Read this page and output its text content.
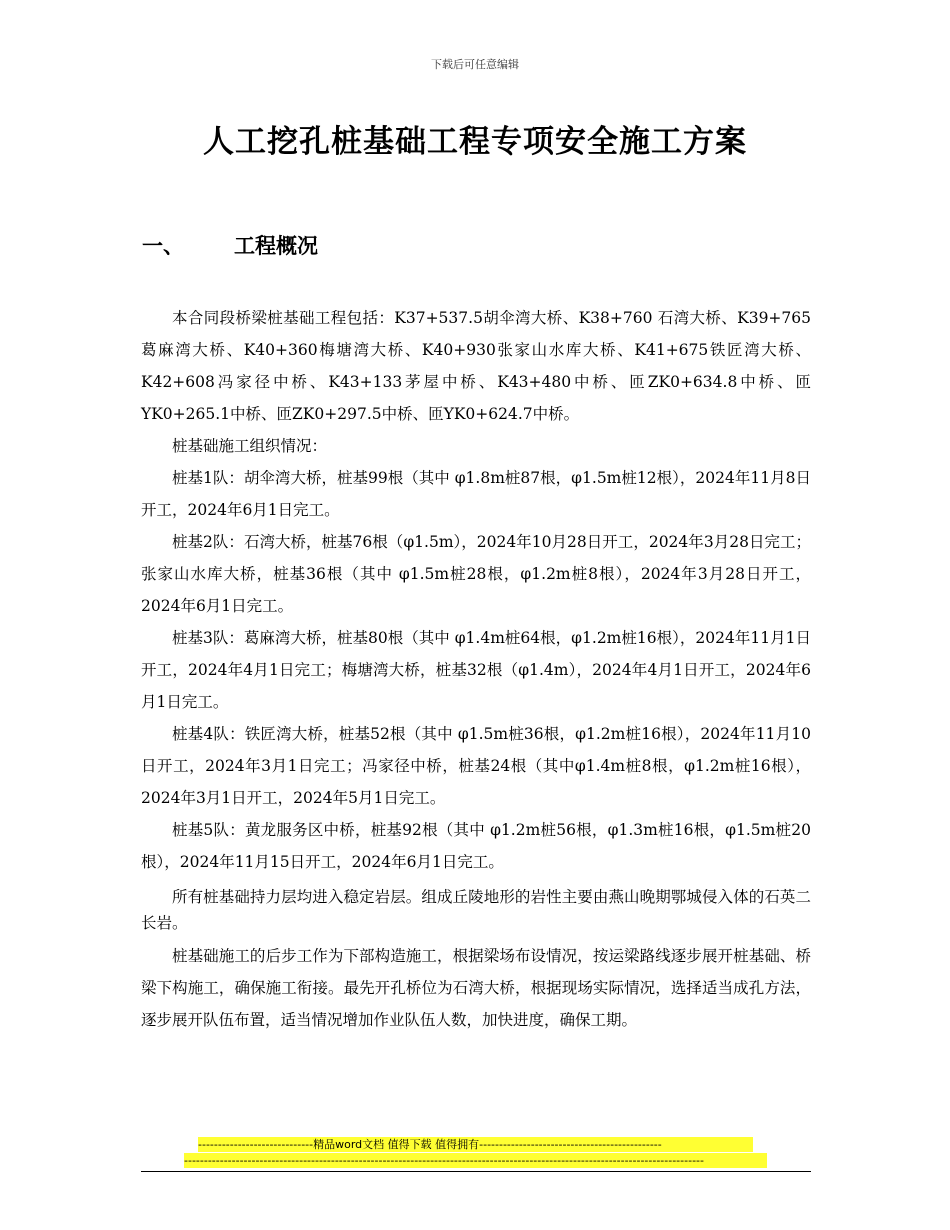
下载后可任意编辑
人工挖孔桩基础工程专项安全施工方案
一、 工程概况

本合同段桥梁桩基础工程包括：K37+537.5胡伞湾大桥、K38+760 石湾大桥、K39+765葛麻湾大桥、K40+360梅塘湾大桥、K40+930张家山水库大桥、K41+675铁匠湾大桥、K42+608冯家径中桥、K43+133茅屋中桥、K43+480中桥、匝ZK0+634.8中桥、匝YK0+265.1中桥、匝ZK0+297.5中桥、匝YK0+624.7中桥。

桩基础施工组织情况：

桩基1队：胡伞湾大桥，桩基99根（其中 φ1.8m桩87根，φ1.5m桩12根），2024年11月8日开工，2024年6月1日完工。

桩基2队：石湾大桥，桩基76根（φ1.5m），2024年10月28日开工，2024年3月28日完工；张家山水库大桥，桩基36根（其中 φ1.5m桩28根，φ1.2m桩8根），2024年3月28日开工，2024年6月1日完工。

桩基3队：葛麻湾大桥，桩基80根（其中 φ1.4m桩64根，φ1.2m桩16根），2024年11月1日开工，2024年4月1日完工；梅塘湾大桥，桩基32根（φ1.4m），2024年4月1日开工，2024年6月1日完工。

桩基4队：铁匠湾大桥，桩基52根（其中 φ1.5m桩36根，φ1.2m桩16根），2024年11月10日开工，2024年3月1日完工；冯家径中桥，桩基24根（其中φ1.4m桩8根，φ1.2m桩16根），2024年3月1日开工，2024年5月1日完工。

桩基5队：黄龙服务区中桥，桩基92根（其中 φ1.2m桩56根，φ1.3m桩16根，φ1.5m桩20根），2024年11月15日开工，2024年6月1日完工。

所有桩基础持力层均进入稳定岩层。组成丘陵地形的岩性主要由燕山晚期鄂城侵入体的石英二长岩。

桩基础施工的后步工作为下部构造施工，根据梁场布设情况，按运梁路线逐步展开桩基础、桥梁下构施工，确保施工衔接。最先开孔桥位为石湾大桥，根据现场实际情况，选择适当成孔方法，逐步展开队伍布置，适当情况增加作业队伍人数，加快进度，确保工期。

-----------------------------精品word文档 值得下载 值得拥有----------------------------------------------
-----------------------------------------------------------------------------------------------------------------------------------
